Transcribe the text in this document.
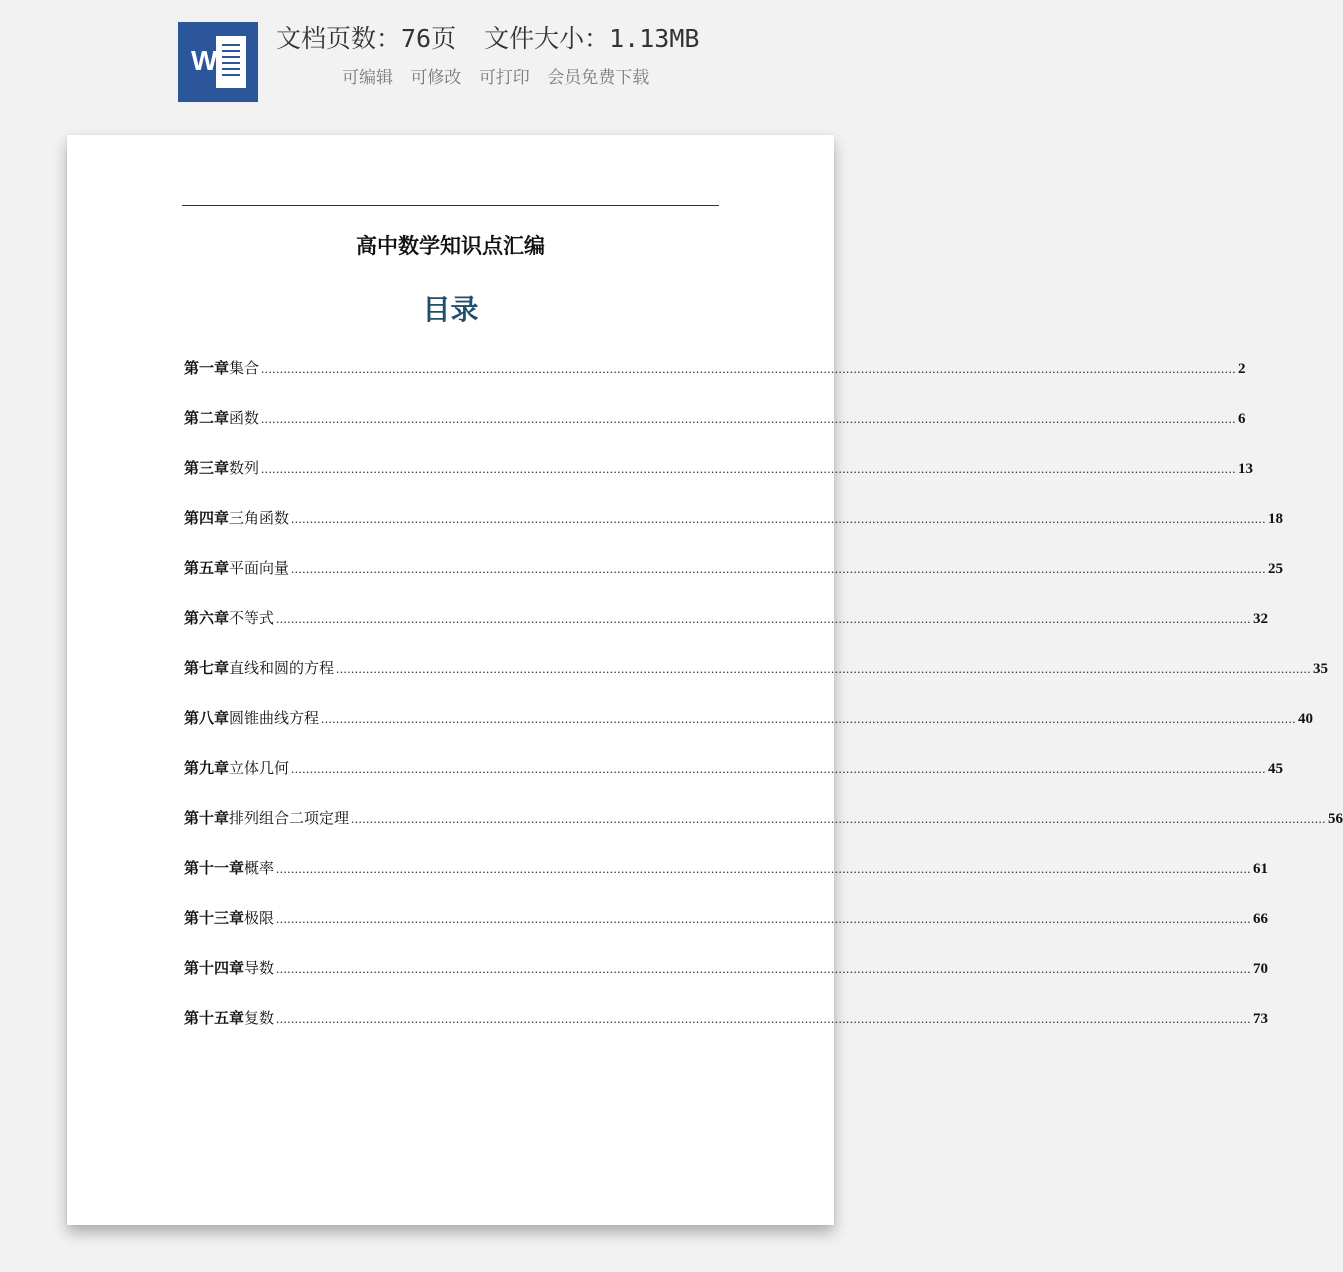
W
文档页数：76页 文件大小：1.13MB
可编辑 可修改 可打印 会员免费下载
高中数学知识点汇编
目录
第一章 集合 .................................................................................................................................................................................................................................................................... 2
第二章 函数 .................................................................................................................................................................................................................................................................... 6
第三章 数列 .................................................................................................................................................................................................................................................................... 13
第四章 三角函数 .................................................................................................................................................................................................................................................................... 18
第五章 平面向量 .................................................................................................................................................................................................................................................................... 25
第六章 不等式 .................................................................................................................................................................................................................................................................... 32
第七章 直线和圆的方程 .................................................................................................................................................................................................................................................................... 35
第八章 圆锥曲线方程 .................................................................................................................................................................................................................................................................... 40
第九章 立体几何 .................................................................................................................................................................................................................................................................... 45
第十章 排列组合二项定理 .................................................................................................................................................................................................................................................................... 56
第十一章 概率 .................................................................................................................................................................................................................................................................... 61
第十三章 极限 .................................................................................................................................................................................................................................................................... 66
第十四章 导数 .................................................................................................................................................................................................................................................................... 70
第十五章 复数 .................................................................................................................................................................................................................................................................... 73
